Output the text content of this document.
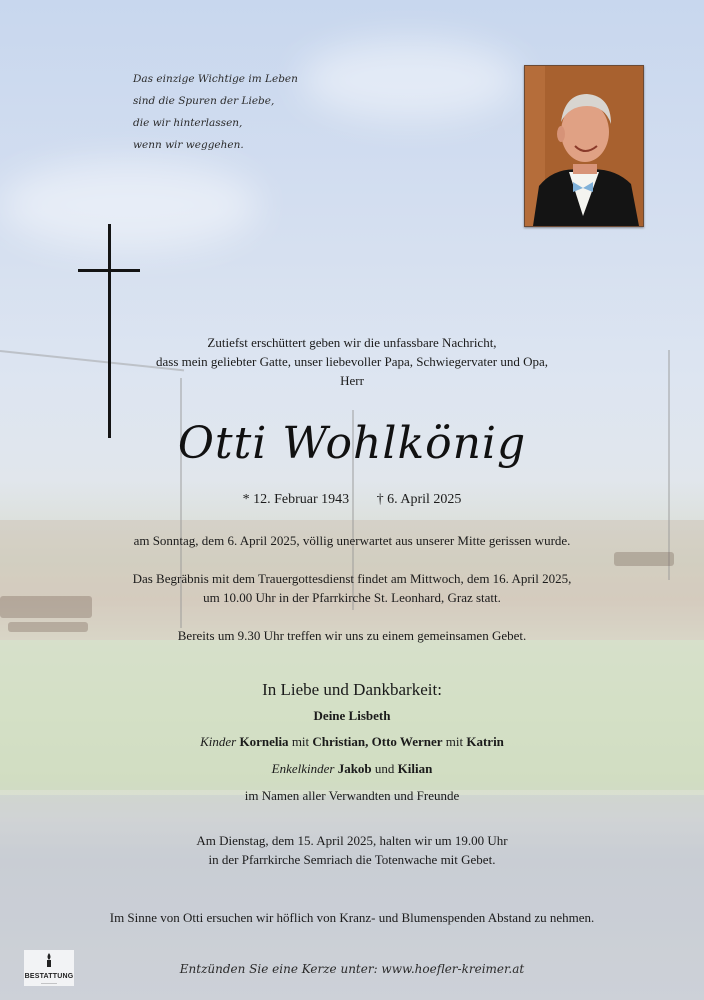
Das einzige Wichtige im Leben
sind die Spuren der Liebe,
die wir hinterlassen,
wenn wir weggehen.
Zutiefst erschüttert geben wir die unfassbare Nachricht,
dass mein geliebter Gatte, unser liebevoller Papa, Schwiegervater und Opa,
Herr
Otti Wohlkönig
* 12. Februar 1943 † 6. April 2025
am Sonntag, dem 6. April 2025, völlig unerwartet aus unserer Mitte gerissen wurde.
Das Begräbnis mit dem Trauergottesdienst findet am Mittwoch, dem 16. April 2025,
um 10.00 Uhr in der Pfarrkirche St. Leonhard, Graz statt.
Bereits um 9.30 Uhr treffen wir uns zu einem gemeinsamen Gebet.
In Liebe und Dankbarkeit:
Deine Lisbeth
Kinder Kornelia mit Christian, Otto Werner mit Katrin
Enkelkinder Jakob und Kilian
im Namen aller Verwandten und Freunde
Am Dienstag, dem 15. April 2025, halten wir um 19.00 Uhr
in der Pfarrkirche Semriach die Totenwache mit Gebet.
Im Sinne von Otti ersuchen wir höflich von Kranz- und Blumenspenden Abstand zu nehmen.
BESTATTUNG
————
Entzünden Sie eine Kerze unter: www.hoefler-kreimer.at
